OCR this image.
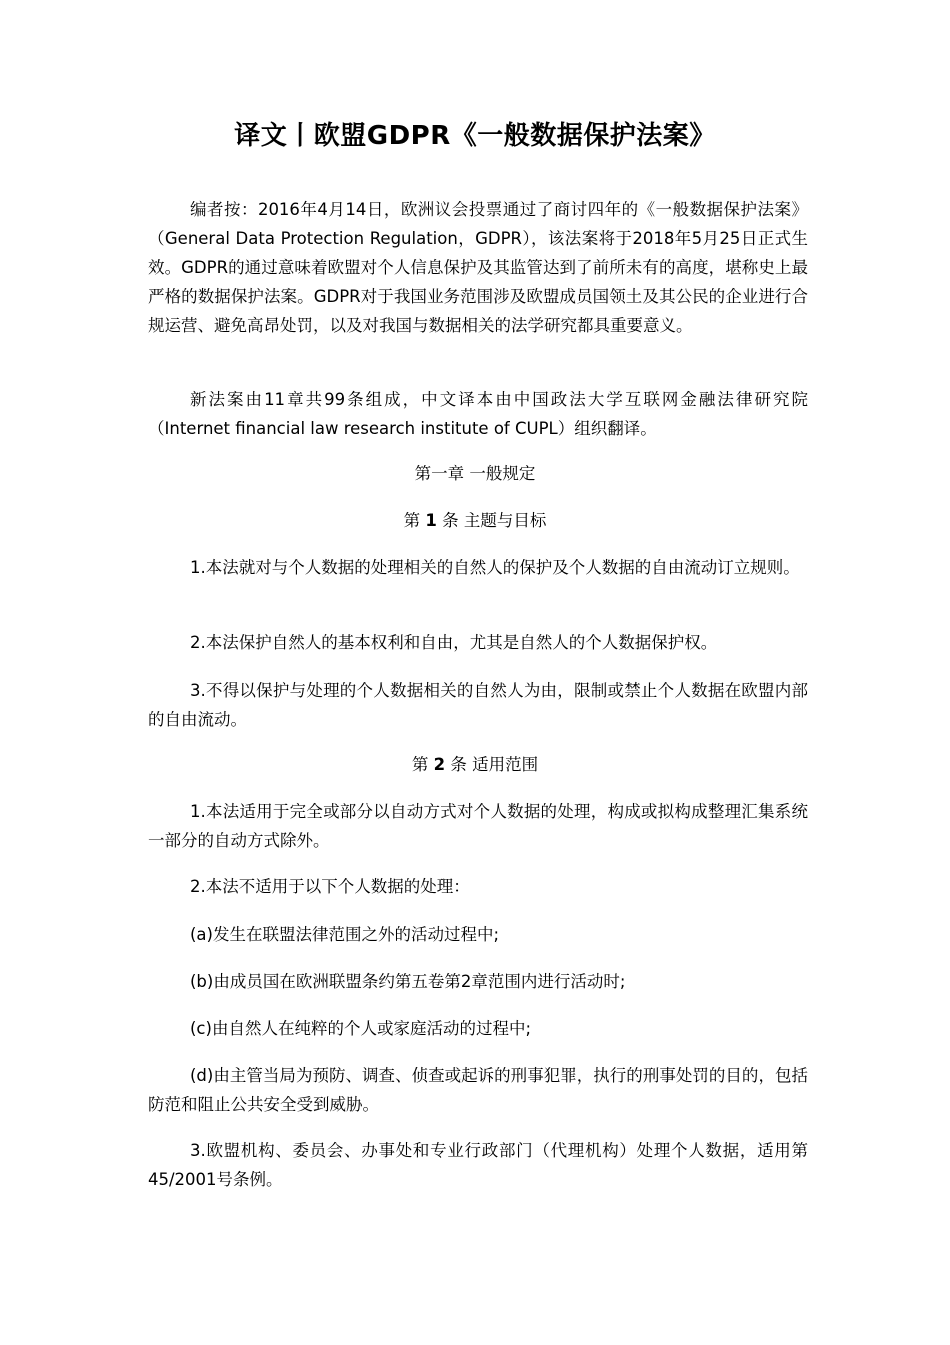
译文丨欧盟GDPR《一般数据保护法案》
编者按：2016年4月14日，欧洲议会投票通过了商讨四年的《一般数据保护法案》（General Data Protection Regulation，GDPR），该法案将于2018年5月25日正式生效。GDPR的通过意味着欧盟对个人信息保护及其监管达到了前所未有的高度，堪称史上最严格的数据保护法案。GDPR对于我国业务范围涉及欧盟成员国领土及其公民的企业进行合规运营、避免高昂处罚，以及对我国与数据相关的法学研究都具重要意义。
新法案由11章共99条组成，中文译本由中国政法大学互联网金融法律研究院（Internet financial law research institute of CUPL）组织翻译。
第一章 一般规定
第 1 条 主题与目标
1.本法就对与个人数据的处理相关的自然人的保护及个人数据的自由流动订立规则。
2.本法保护自然人的基本权利和自由，尤其是自然人的个人数据保护权。
3.不得以保护与处理的个人数据相关的自然人为由，限制或禁止个人数据在欧盟内部的自由流动。
第 2 条 适用范围
1.本法适用于完全或部分以自动方式对个人数据的处理，构成或拟构成整理汇集系统一部分的自动方式除外。
2.本法不适用于以下个人数据的处理：
(a)发生在联盟法律范围之外的活动过程中;
(b)由成员国在欧洲联盟条约第五卷第2章范围内进行活动时;
(c)由自然人在纯粹的个人或家庭活动的过程中;
(d)由主管当局为预防、调查、侦查或起诉的刑事犯罪，执行的刑事处罚的目的，包括防范和阻止公共安全受到威胁。
3.欧盟机构、委员会、办事处和专业行政部门（代理机构）处理个人数据，适用第45/2001号条例。
